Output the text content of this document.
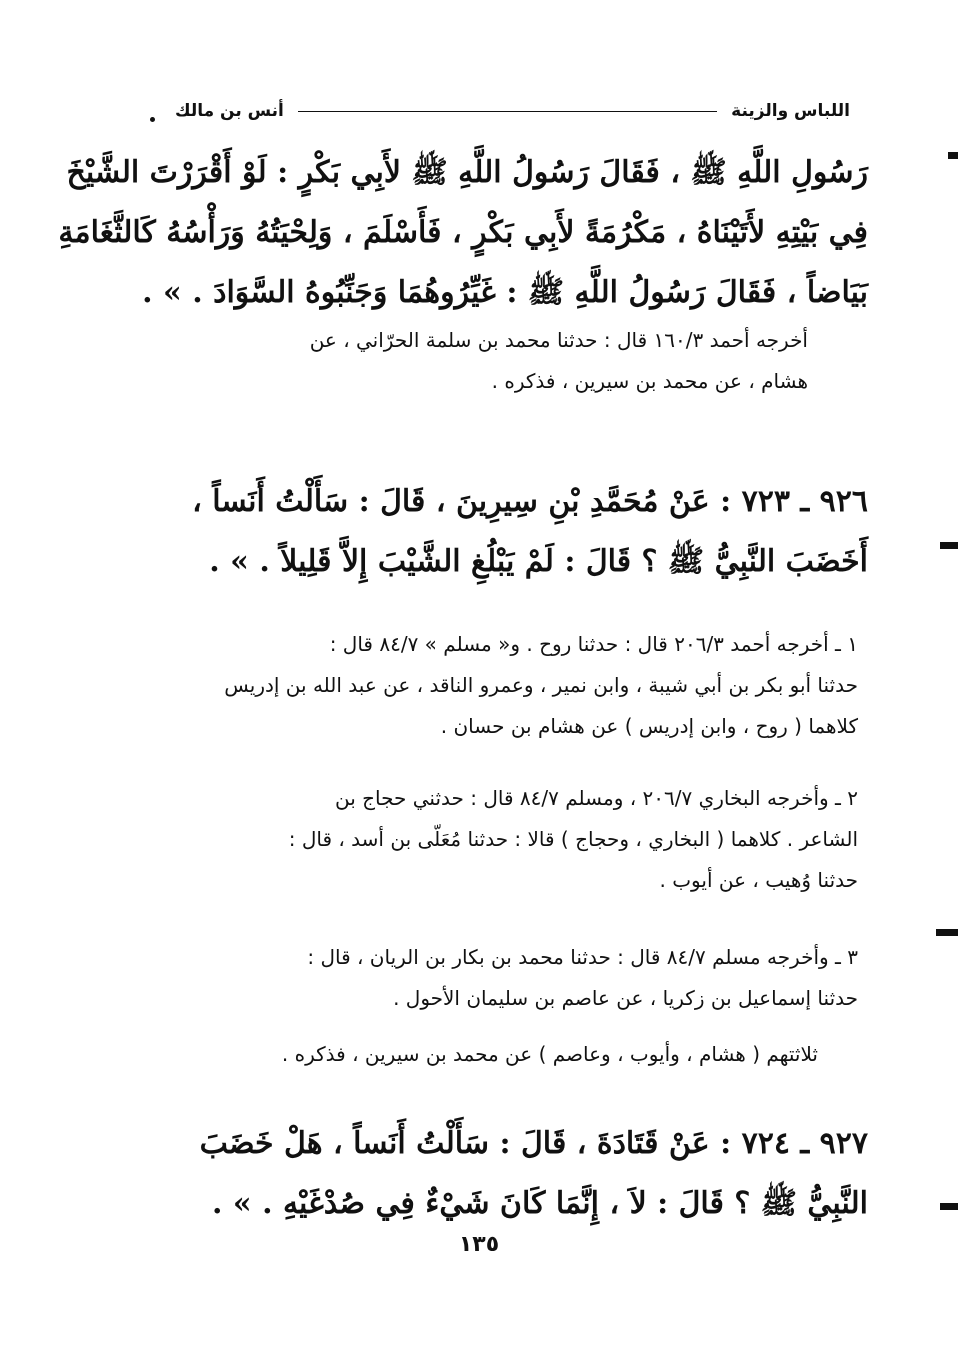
اللباس والزينة
أنس بن مالك
رَسُولِ اللَّهِ ﷺ ، فَقَالَ رَسُولُ اللَّهِ ﷺ لأَبِي بَكْرٍ : لَوْ أَقْرَرْتَ الشَّيْخَ
فِي بَيْتِهِ لأَتَيْنَاهُ ، مَكْرُمَةً لأَبِي بَكْرٍ ، فَأَسْلَمَ ، وَلِحْيَتُهُ وَرَأْسُهُ كَالثَّغَامَةِ
بَيَاضاً ، فَقَالَ رَسُولُ اللَّهِ ﷺ : غَيِّرُوهُمَا وَجَنِّبُوهُ السَّوَادَ . » .
أخرجه أحمد ١٦٠/٣ قال : حدثنا محمد بن سلمة الحرّاني ، عن
هشام ، عن محمد بن سيرين ، فذكره .
٩٢٦ ـ ٧٢٣ : عَنْ مُحَمَّدِ بْنِ سِيرِينَ ، قَالَ : سَأَلْتُ أَنَساً ،
أَخَضَبَ النَّبِيُّ ﷺ ؟ قَالَ : لَمْ يَبْلُغِ الشَّيْبَ إِلاَّ قَلِيلاً . » .
١ ـ أخرجه أحمد ٢٠٦/٣ قال : حدثنا روح . و« مسلم » ٨٤/٧ قال :
حدثنا أبو بكر بن أبي شيبة ، وابن نمير ، وعمرو الناقد ، عن عبد الله بن إدريس
كلاهما ( روح ، وابن إدريس ) عن هشام بن حسان .
٢ ـ وأخرجه البخاري ٢٠٦/٧ ، ومسلم ٨٤/٧ قال : حدثني حجاج بن
الشاعر . كلاهما ( البخاري ، وحجاج ) قالا : حدثنا مُعَلّى بن أسد ، قال :
حدثنا وُهيب ، عن أيوب .
٣ ـ وأخرجه مسلم ٨٤/٧ قال : حدثنا محمد بن بكار بن الريان ، قال :
حدثنا إسماعيل بن زكريا ، عن عاصم بن سليمان الأحول .
ثلاثتهم ( هشام ، وأيوب ، وعاصم ) عن محمد بن سيرين ، فذكره .
٩٢٧ ـ ٧٢٤ : عَنْ قَتَادَةَ ، قَالَ : سَأَلْتُ أَنَساً ، هَلْ خَضَبَ
النَّبِيُّ ﷺ ؟ قَالَ : لاَ ، إِنَّمَا كَانَ شَيْءٌ فِي صُدْغَيْهِ . » .
١٣٥
